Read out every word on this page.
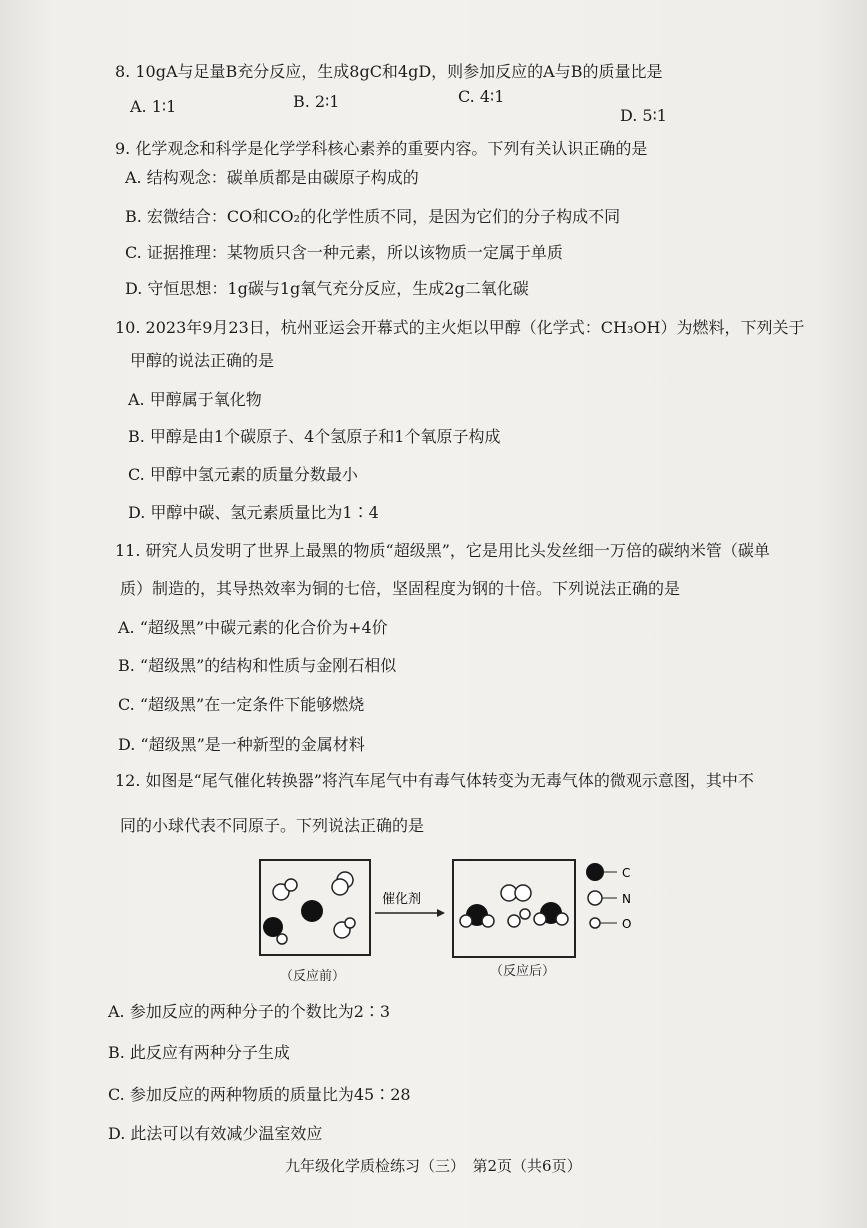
8. 10gA与足量B充分反应，生成8gC和4gD，则参加反应的A与B的质量比是
A. 1∶1	B. 2∶1	C. 4∶1
D. 5∶1
9. 化学观念和科学是化学学科核心素养的重要内容。下列有关认识正确的是
A. 结构观念：碳单质都是由碳原子构成的
B. 宏微结合：CO和CO₂的化学性质不同，是因为它们的分子构成不同
C. 证据推理：某物质只含一种元素，所以该物质一定属于单质
D. 守恒思想：1g碳与1g氧气充分反应，生成2g二氧化碳
10. 2023年9月23日，杭州亚运会开幕式的主火炬以甲醇（化学式：CH₃OH）为燃料，下列关于
甲醇的说法正确的是
A. 甲醇属于氧化物
B. 甲醇是由1个碳原子、4个氢原子和1个氧原子构成
C. 甲醇中氢元素的质量分数最小
D. 甲醇中碳、氢元素质量比为1∶4
11. 研究人员发明了世界上最黑的物质“超级黑”，它是用比头发丝细一万倍的碳纳米管（碳单
质）制造的，其导热效率为铜的七倍，坚固程度为钢的十倍。下列说法正确的是
A. “超级黑”中碳元素的化合价为+4价
B. “超级黑”的结构和性质与金刚石相似
C. “超级黑”在一定条件下能够燃烧
D. “超级黑”是一种新型的金属材料
12. 如图是“尾气催化转换器”将汽车尾气中有毒气体转变为无毒气体的微观示意图，其中不
同的小球代表不同原子。下列说法正确的是
催化剂
C
N
O
（反应前）	（反应后）
A. 参加反应的两种分子的个数比为2∶3
B. 此反应有两种分子生成
C. 参加反应的两种物质的质量比为45∶28
D. 此法可以有效减少温室效应
九年级化学质检练习（三）　第2页（共6页）
